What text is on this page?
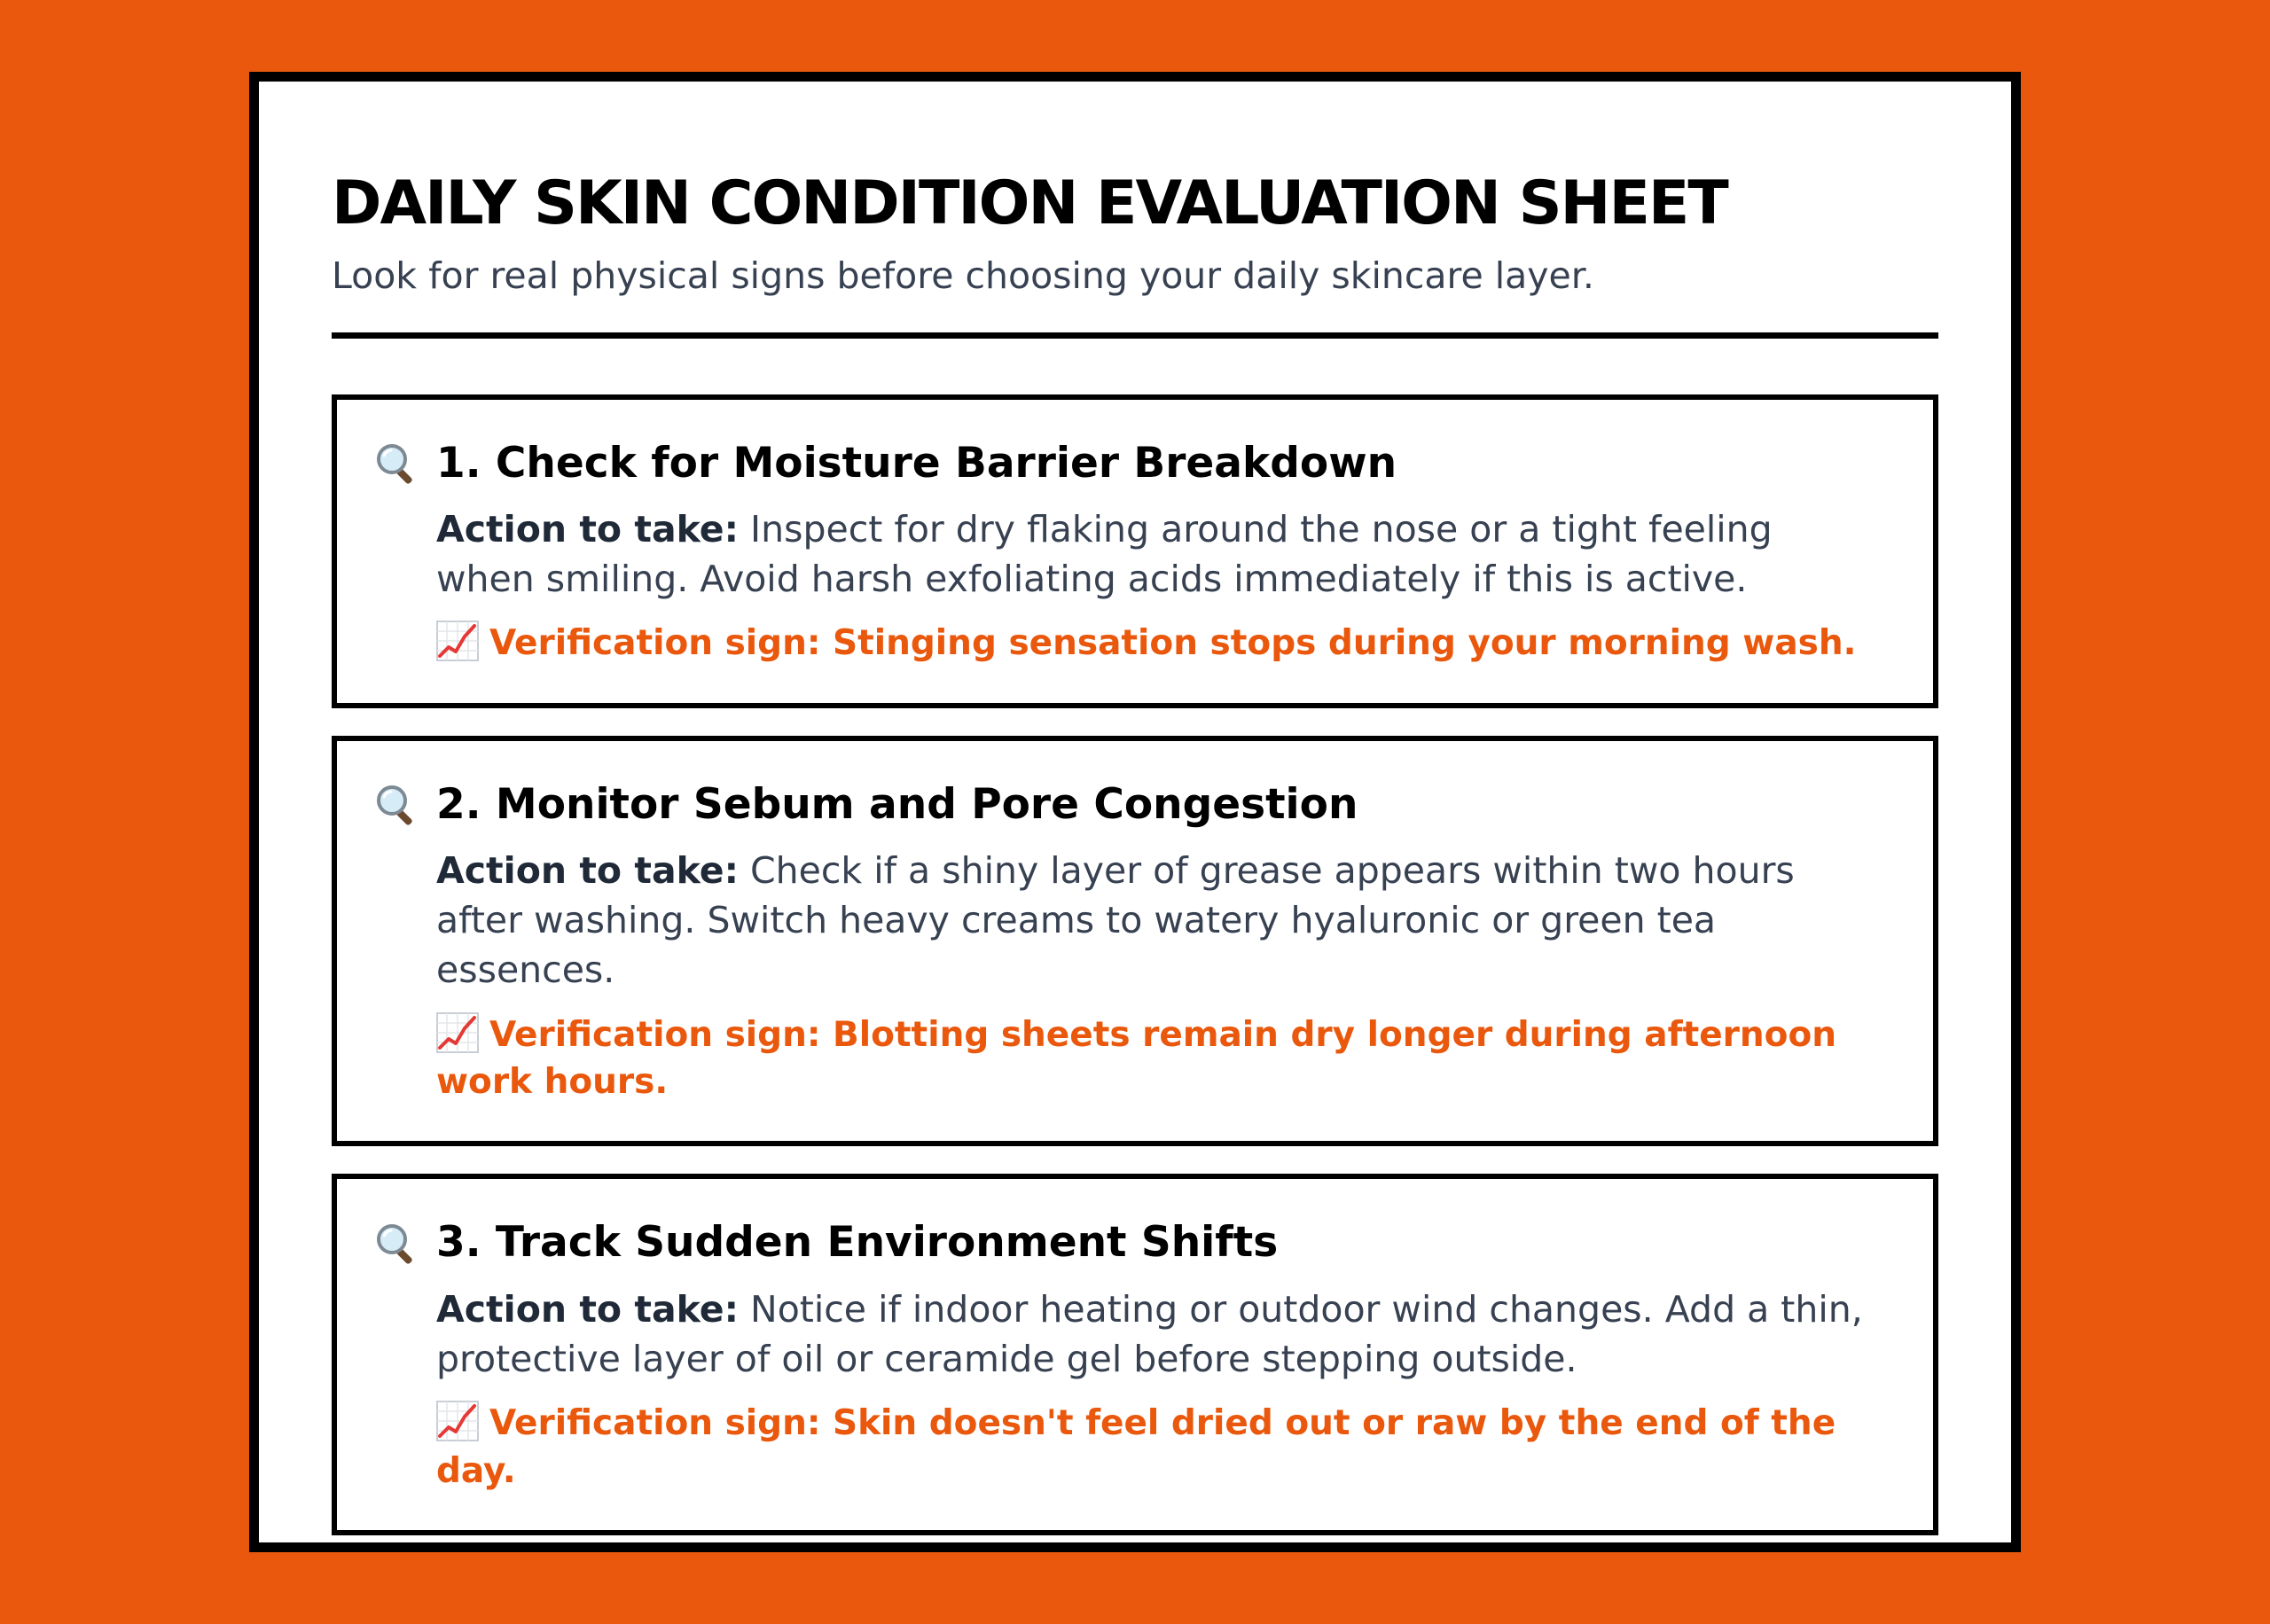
DAILY SKIN CONDITION EVALUATION SHEET
Look for real physical signs before choosing your daily skincare layer.
1. Check for Moisture Barrier Breakdown
Action to take: Inspect for dry flaking around the nose or a tight feeling when smiling. Avoid harsh exfoliating acids immediately if this is active.
Verification sign: Stinging sensation stops during your morning wash.
2. Monitor Sebum and Pore Congestion
Action to take: Check if a shiny layer of grease appears within two hours after washing. Switch heavy creams to watery hyaluronic or green tea essences.
Verification sign: Blotting sheets remain dry longer during afternoon work hours.
3. Track Sudden Environment Shifts
Action to take: Notice if indoor heating or outdoor wind changes. Add a thin, protective layer of oil or ceramide gel before stepping outside.
Verification sign: Skin doesn't feel dried out or raw by the end of the day.
